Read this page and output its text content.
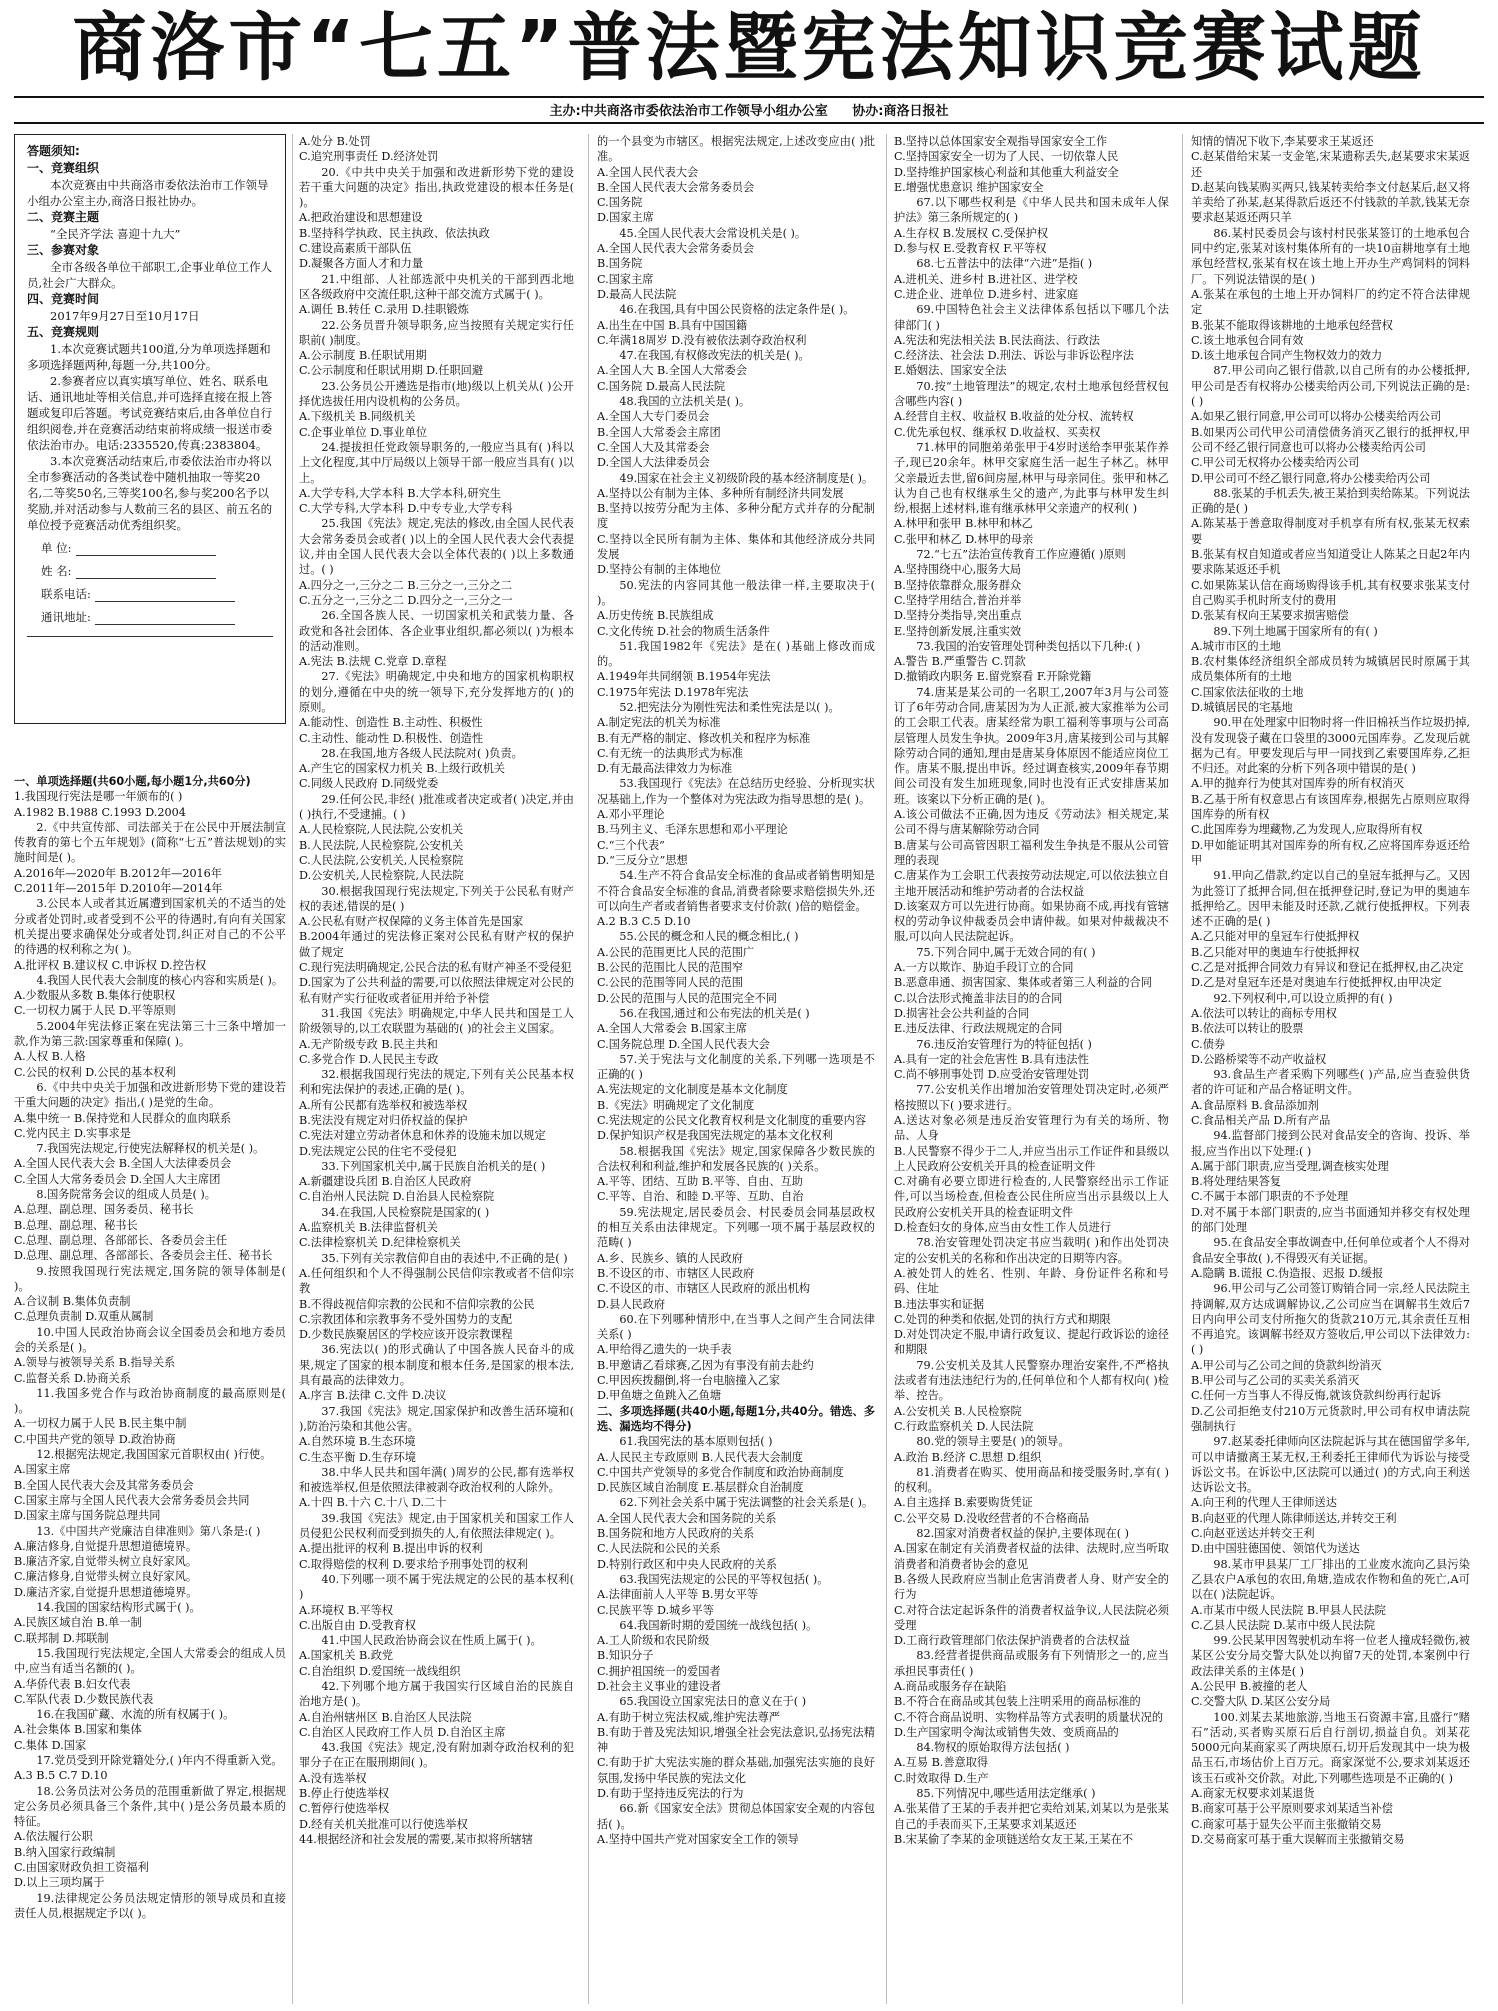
商洛市“七五”普法暨宪法知识竞赛试题
主办:中共商洛市委依法治市工作领导小组办公室 协办:商洛日报社
答题须知:
一、竞赛组织

本次竞赛由中共商洛市委依法治市工作领导小组办公室主办,商洛日报社协办。

二、竞赛主题

“全民齐学法 喜迎十九大”

三、参赛对象

全市各级各单位干部职工,企事业单位工作人员,社会广大群众。

四、竞赛时间

2017年9月27日至10月17日

五、竞赛规则

1.本次竞赛试题共100道,分为单项选择题和多项选择题两种,每题一分,共100分。

2.参赛者应以真实填写单位、姓名、联系电话、通讯地址等相关信息,并可选择直接在报上答题或复印后答题。考试竞赛结束后,由各单位自行组织阅卷,并在竞赛活动结束前将成绩一报送市委依法治市办。电话:2335520,传真:2383804。

3.本次竞赛活动结束后,市委依法治市办将以全市参赛活动的各类试卷中随机抽取一等奖20名,二等奖50名,三等奖100名,参与奖200名予以奖励,并对活动参与人数前三名的县区、前五名的单位授予竞赛活动优秀组织奖。

单 位:
姓 名:
联系电话:
通讯地址:

一、单项选择题(共60小题,每小题1分,共60分)

1.我国现行宪法是哪一年颁布的( )

A.1982 B.1988 C.1993 D.2004

2.《中共宣传部、司法部关于在公民中开展法制宣传教育的第七个五年规划》(简称“七五”普法规划)的实施时间是( )。

A.2016年—2020年 B.2012年—2016年

C.2011年—2015年 D.2010年—2014年

3.公民本人或者其近属遭到国家机关的不适当的处分或者处罚时,或者受到不公平的待遇时,有向有关国家机关提出要求确保处分或者处罚,纠正对自己的不公平的待遇的权利称之为( )。

A.批评权 B.建议权 C.申诉权 D.控告权

4.我国人民代表大会制度的核心内容和实质是( )。

A.少数服从多数 B.集体行使职权

C.一切权力属于人民 D.平等原则

5.2004年宪法修正案在宪法第三十三条中增加一款,作为第三款:国家尊重和保障( )。

A.人权 B.人格

C.公民的权利 D.公民的基本权利

6.《中共中央关于加强和改进新形势下党的建设若干重大问题的决定》指出,( )是党的生命。

A.集中统一 B.保持党和人民群众的血肉联系

C.党内民主 D.实事求是

7.我国宪法规定,行使宪法解释权的机关是( )。

A.全国人民代表大会 B.全国人大法律委员会

C.全国人大常务委员会 D.全国人大主席团

8.国务院常务会议的组成人员是( )。

A.总理、副总理、国务委员、秘书长

B.总理、副总理、秘书长

C.总理、副总理、各部部长、各委员会主任

D.总理、副总理、各部部长、各委员会主任、秘书长

9.按照我国现行宪法规定,国务院的领导体制是( )。

A.合议制 B.集体负责制

C.总理负责制 D.双重从属制

10.中国人民政治协商会议全国委员会和地方委员会的关系是( )。

A.领导与被领导关系 B.指导关系

C.监督关系 D.协商关系

11.我国多党合作与政治协商制度的最高原则是( )。

A.一切权力属于人民 B.民主集中制

C.中国共产党的领导 D.政治协商

12.根据宪法规定,我国国家元首职权由( )行使。

A.国家主席

B.全国人民代表大会及其常务委员会

C.国家主席与全国人民代表大会常务委员会共同

D.国家主席与国务院总理共同

13.《中国共产党廉洁自律准则》第八条是:( )

A.廉洁修身,自觉提升思想道德境界。

B.廉洁齐家,自觉带头树立良好家风。

C.廉洁修身,自觉带头树立良好家风。

D.廉洁齐家,自觉提升思想道德境界。

14.我国的国家结构形式属于( )。

A.民族区域自治 B.单一制

C.联邦制 D.邦联制

15.我国现行宪法规定,全国人大常委会的组成人员中,应当有适当名额的( )。

A.华侨代表 B.妇女代表

C.军队代表 D.少数民族代表

16.在我国矿藏、水流的所有权属于( )。

A.社会集体 B.国家和集体

C.集体 D.国家

17.党员受到开除党籍处分,( )年内不得重新入党。

A.3 B.5 C.7 D.10

18.公务员法对公务员的范围重新做了界定,根据规定公务员必须具备三个条件,其中( )是公务员最本质的特征。

A.依法履行公职

B.纳入国家行政编制

C.由国家财政负担工资福利

D.以上三项均属于

19.法律规定公务员法规定情形的领导成员和直接责任人员,根据规定予以( )。

A.处分 B.处罚

C.追究刑事责任 D.经济处罚

20.《中共中央关于加强和改进新形势下党的建设若干重大问题的决定》指出,执政党建设的根本任务是( )。

A.把政治建设和思想建设

B.坚持科学执政、民主执政、依法执政

C.建设高素质干部队伍

D.凝聚各方面人才和力量

21.中组部、人社部选派中央机关的干部到西北地区各级政府中交流任职,这种干部交流方式属于( )。

A.调任 B.转任 C.录用 D.挂职锻炼

22.公务员晋升领导职务,应当按照有关规定实行任职前( )制度。

A.公示制度 B.任职试用期

C.公示制度和任职试用期 D.任职回避

23.公务员公开遴选是指市(地)级以上机关从( )公开择优选拔任用内设机构的公务员。

A.下级机关 B.同级机关

C.企事业单位 D.事业单位

24.提拔担任党政领导职务的,一般应当具有( )科以上文化程度,其中厅局级以上领导干部一般应当具有( )以上。

A.大学专科,大学本科 B.大学本科,研究生

C.大学专科,大学本科 D.中专专业,大学专科

25.我国《宪法》规定,宪法的修改,由全国人民代表大会常务委员会或者( )以上的全国人民代表大会代表提议,并由全国人民代表大会以全体代表的( )以上多数通过。( )

A.四分之一,三分之二 B.三分之一,三分之二

C.五分之一,三分之二 D.四分之一,三分之一

26.全国各族人民、一切国家机关和武装力量、各政党和各社会团体、各企业事业组织,都必须以( )为根本的活动准则。

A.宪法 B.法规 C.党章 D.章程

27.《宪法》明确规定,中央和地方的国家机构职权的划分,遵循在中央的统一领导下,充分发挥地方的( )的原则。

A.能动性、创造性 B.主动性、积极性

C.主动性、能动性 D.积极性、创造性

28.在我国,地方各级人民法院对( )负责。

A.产生它的国家权力机关 B.上级行政机关

C.同级人民政府 D.同级党委

29.任何公民,非经( )批准或者决定或者( )决定,并由( )执行,不受逮捕。( )

A.人民检察院,人民法院,公安机关

B.人民法院,人民检察院,公安机关

C.人民法院,公安机关,人民检察院

D.公安机关,人民检察院,人民法院

30.根据我国现行宪法规定,下列关于公民私有财产权的表述,错误的是( )

A.公民私有财产权保障的义务主体首先是国家

B.2004年通过的宪法修正案对公民私有财产权的保护做了规定

C.现行宪法明确规定,公民合法的私有财产神圣不受侵犯

D.国家为了公共利益的需要,可以依照法律规定对公民的私有财产实行征收或者征用并给予补偿

31.我国《宪法》明确规定,中华人民共和国是工人阶级领导的,以工农联盟为基础的( )的社会主义国家。

A.无产阶级专政 B.民主共和

C.多党合作 D.人民民主专政

32.根据我国现行宪法的规定,下列有关公民基本权利和宪法保护的表述,正确的是( )。

A.所有公民都有选举权和被选举权

B.宪法没有规定对归侨权益的保护

C.宪法对建立劳动者休息和休养的设施未加以规定

D.宪法规定公民的住宅不受侵犯

33.下列国家机关中,属于民族自治机关的是( )

A.新疆建设兵团 B.自治区人民政府

C.自治州人民法院 D.自治县人民检察院

34.在我国,人民检察院是国家的( )

A.监察机关 B.法律监督机关

C.法律检察机关 D.纪律检察机关

35.下列有关宗教信仰自由的表述中,不正确的是( )

A.任何组织和个人不得强制公民信仰宗教或者不信仰宗教

B.不得歧视信仰宗教的公民和不信仰宗教的公民

C.宗教团体和宗教事务不受外国势力的支配

D.少数民族聚居区的学校应该开设宗教课程

36.宪法以( )的形式确认了中国各族人民奋斗的成果,规定了国家的根本制度和根本任务,是国家的根本法,具有最高的法律效力。

A.序言 B.法律 C.文件 D.决议

37.我国《宪法》规定,国家保护和改善生活环境和( ),防治污染和其他公害。

A.自然环境 B.生态环境

C.生态平衡 D.生存环境

38.中华人民共和国年满( )周岁的公民,都有选举权和被选举权,但是依照法律被剥夺政治权利的人除外。

A.十四 B.十六 C.十八 D.二十

39.我国《宪法》规定,由于国家机关和国家工作人员侵犯公民权利而受到损失的人,有依照法律规定( )。

A.提出批评的权利 B.提出申诉的权利

C.取得赔偿的权利 D.要求给予刑事处罚的权利

40.下列哪一项不属于宪法规定的公民的基本权利( )

A.环境权 B.平等权

C.出版自由 D.受教育权

41.中国人民政治协商会议在性质上属于( )。

A.国家机关 B.政党

C.自治组织 D.爱国统一战线组织

42.下列哪个地方属于我国实行区域自治的民族自治地方是( )。

A.自治州辖州区 B.自治区人民法院

C.自治区人民政府工作人员 D.自治区主席

43.我国《宪法》规定,没有附加剥夺政治权利的犯罪分子在正在服刑期间( )。

A.没有选举权

B.停止行使选举权

C.暂停行使选举权

D.经有关机关批准可以行使选举权

44.根据经济和社会发展的需要,某市拟将所辖辖

的一个县变为市辖区。根据宪法规定,上述改变应由( )批准。

A.全国人民代表大会

B.全国人民代表大会常务委员会

C.国务院

D.国家主席

45.全国人民代表大会常设机关是( )。

A.全国人民代表大会常务委员会

B.国务院

C.国家主席

D.最高人民法院

46.在我国,具有中国公民资格的法定条件是( )。

A.出生在中国 B.具有中国国籍

C.年满18周岁 D.没有被依法剥夺政治权利

47.在我国,有权修改宪法的机关是( )。

A.全国人大 B.全国人大常委会

C.国务院 D.最高人民法院

48.我国的立法机关是( )。

A.全国人大专门委员会

B.全国人大常委会主席团

C.全国人大及其常委会

D.全国人大法律委员会

49.国家在社会主义初级阶段的基本经济制度是( )。

A.坚持以公有制为主体、多种所有制经济共同发展

B.坚持以按劳分配为主体、多种分配方式并存的分配制度

C.坚持以全民所有制为主体、集体和其他经济成分共同发展

D.坚持公有制的主体地位

50.宪法的内容同其他一般法律一样,主要取决于( )。

A.历史传统 B.民族组成

C.文化传统 D.社会的物质生活条件

51.我国1982年《宪法》是在( )基础上修改而成的。

A.1949年共同纲领 B.1954年宪法

C.1975年宪法 D.1978年宪法

52.把宪法分为刚性宪法和柔性宪法是以( )。

A.制定宪法的机关为标准

B.有无严格的制定、修改机关和程序为标准

C.有无统一的法典形式为标准

D.有无最高法律效力为标准

53.我国现行《宪法》在总结历史经验、分析现实状况基础上,作为一个整体对为宪法政为指导思想的是( )。

A.邓小平理论

B.马列主义、毛泽东思想和邓小平理论

C.“三个代表”

D.“三反分立”思想

54.生产不符合食品安全标准的食品或者销售明知是不符合食品安全标准的食品,消费者除要求赔偿损失外,还可以向生产者或者销售者要求支付价款( )倍的赔偿金。

A.2 B.3 C.5 D.10

55.公民的概念和人民的概念相比,( )

A.公民的范围更比人民的范围广

B.公民的范围比人民的范围窄

C.公民的范围等同人民的范围

D.公民的范围与人民的范围完全不同

56.在我国,通过和公布宪法的机关是( )

A.全国人大常委会 B.国家主席

C.国务院总理 D.全国人民代表大会

57.关于宪法与文化制度的关系,下列哪一选项是不正确的( )

A.宪法规定的文化制度是基本文化制度

B.《宪法》明确规定了文化制度

C.宪法规定的公民文化教育权利是文化制度的重要内容

D.保护知识产权是我国宪法规定的基本文化权利

58.根据我国《宪法》规定,国家保障各少数民族的合法权利和利益,维护和发展各民族的( )关系。

A.平等、团结、互助 B.平等、自由、互助

C.平等、自治、和睦 D.平等、互助、自治

59.宪法规定,居民委员会、村民委员会同基层政权的相互关系由法律规定。下列哪一项不属于基层政权的范畴( )

A.乡、民族乡、镇的人民政府

B.不设区的市、市辖区人民政府

C.不设区的市、市辖区人民政府的派出机构

D.县人民政府

60.在下列哪种情形中,在当事人之间产生合同法律关系( )

A.甲给得乙遗失的一块手表

B.甲邀请乙看球赛,乙因为有事没有前去赴约

C.甲因疾拨翻倒,将一台电脑撞入乙家

D.甲鱼塘之鱼跳入乙鱼塘

二、多项选择题(共40小题,每题1分,共40分。错选、多选、漏选均不得分)

61.我国宪法的基本原则包括( )

A.人民民主专政原则 B.人民代表大会制度

C.中国共产党领导的多党合作制度和政治协商制度

D.民族区域自治制度 E.基层群众自治制度

62.下列社会关系中属于宪法调整的社会关系是( )。

A.全国人民代表大会和国务院的关系

B.国务院和地方人民政府的关系

C.人民法院和公民的关系

D.特别行政区和中央人民政府的关系

63.我国宪法规定的公民的平等权包括( )。

A.法律面前人人平等 B.男女平等

C.民族平等 D.城乡平等

64.我国新时期的爱国统一战线包括( )。

A.工人阶级和农民阶级

B.知识分子

C.拥护祖国统一的爱国者

D.社会主义事业的建设者

65.我国设立国家宪法日的意义在于( )

A.有助于树立宪法权威,维护宪法尊严

B.有助于普及宪法知识,增强全社会宪法意识,弘扬宪法精神

C.有助于扩大宪法实施的群众基础,加强宪法实施的良好氛围,发扬中华民族的宪法文化

D.有助于坚持违反宪法的行为

66.新《国家安全法》贯彻总体国家安全观的内容包括( )。

A.坚持中国共产党对国家安全工作的领导

B.坚持以总体国家安全观指导国家安全工作

C.坚持国家安全一切为了人民、一切依靠人民

D.坚持维护国家核心利益和其他重大利益安全

E.增强忧患意识 维护国家安全

67.以下哪些权利是《中华人民共和国未成年人保护法》第三条所规定的( )

A.生存权 B.发展权 C.受保护权

D.参与权 E.受教育权 F.平等权

68.七五普法中的法律“六进”是指( )

A.进机关、进乡村 B.进社区、进学校

C.进企业、进单位 D.进乡村、进家庭

69.中国特色社会主义法律体系包括以下哪几个法律部门( )

A.宪法和宪法相关法 B.民法商法、行政法

C.经济法、社会法 D.刑法、诉讼与非诉讼程序法

E.婚姻法、国家安全法

70.按“土地管理法”的规定,农村土地承包经营权包含哪些内容( )

A.经营自主权、收益权 B.收益的处分权、流转权

C.优先承包权、继承权 D.收益权、买卖权

71.林甲的同胞弟弟张甲于4岁时送给李甲张某作养子,现已20余年。林甲交家庭生活一起生子林乙。林甲父亲最近去世,留6间房屋,林甲与母亲同住。张甲和林乙认为自己也有权继承生父的遗产,为此事与林甲发生纠纷,根据上述材料,谁有继承林甲父亲遗产的权利( )

A.林甲和张甲 B.林甲和林乙

C.张甲和林乙 D.林甲的母亲

72.“七五”法治宣传教育工作应遵循( )原则

A.坚持围绕中心,服务大局

B.坚持依靠群众,服务群众

C.坚持学用结合,普治并举

D.坚持分类指导,突出重点

E.坚持创新发展,注重实效

73.我国的治安管理处罚种类包括以下几种:( )

A.警告 B.严重警告 C.罚款

D.撤销政内职务 E.留党察看 F.开除党籍

74.唐某是某公司的一名职工,2007年3月与公司签订了6年劳动合同,唐某因为为人正派,被大家推举为公司的工会职工代表。唐某经常为职工福利等事项与公司高层管理人员发生争执。2009年3月,唐某接到公司与其解除劳动合同的通知,理由是唐某身体原因不能适应岗位工作。唐某不服,提出申诉。经过调查核实,2009年春节期间公司没有发生加班现象,同时也没有正式安排唐某加班。该案以下分析正确的是( )。

A.该公司做法不正确,因为违反《劳动法》相关规定,某公司不得与唐某解除劳动合同

B.唐某与公司高管因职工福利发生争执是不服从公司管理的表现

C.唐某作为工会职工代表按劳动法规定,可以依法独立自主地开展活动和维护劳动者的合法权益

D.该案双方可以先进行协商。如果协商不成,再找有管辖权的劳动争议仲裁委员会申请仲裁。如果对仲裁裁决不服,可以向人民法院起诉。

75.下列合同中,属于无效合同的有( )

A.一方以欺诈、胁迫手段订立的合同

B.恶意串通、损害国家、集体或者第三人利益的合同

C.以合法形式掩盖非法目的的合同

D.损害社会公共利益的合同

E.违反法律、行政法规规定的合同

76.违反治安管理行为的特征包括( )

A.具有一定的社会危害性 B.具有违法性

C.尚不够刑事处罚 D.应受治安管理处罚

77.公安机关作出增加治安管理处罚决定时,必须严格按照以下( )要求进行。

A.送达对象必须是违反治安管理行为有关的场所、物品、人身

B.人民警察不得少于二人,并应当出示工作证件和县级以上人民政府公安机关开具的检查证明文件

C.对确有必要立即进行检查的,人民警察经出示工作证件,可以当场检查,但检查公民住所应当出示县级以上人民政府公安机关开具的检查证明文件

D.检查妇女的身体,应当由女性工作人员进行

78.治安管理处罚决定书应当载明( )和作出处罚决定的公安机关的名称和作出决定的日期等内容。

A.被处罚人的姓名、性别、年龄、身份证件名称和号码、住址

B.违法事实和证据

C.处罚的种类和依据,处罚的执行方式和期限

D.对处罚决定不服,申请行政复议、提起行政诉讼的途径和期限

79.公安机关及其人民警察办理治安案件,不严格执法或者有违法违纪行为的,任何单位和个人都有权向( )检举、控告。

A.公安机关 B.人民检察院

C.行政监察机关 D.人民法院

80.党的领导主要是( )的领导。

A.政治 B.经济 C.思想 D.组织

81.消费者在购买、使用商品和接受服务时,享有( )的权利。

A.自主选择 B.索要购货凭证

C.公平交易 D.没收经营者的不合格商品

82.国家对消费者权益的保护,主要体现在( )

A.国家在制定有关消费者权益的法律、法规时,应当听取消费者和消费者协会的意见

B.各级人民政府应当制止危害消费者人身、财产安全的行为

C.对符合法定起诉条件的消费者权益争议,人民法院必须受理

D.工商行政管理部门依法保护消费者的合法权益

83.经营者提供商品或服务有下列情形之一的,应当承担民事责任( )

A.商品或服务存在缺陷

B.不符合在商品或其包装上注明采用的商品标准的

C.不符合商品说明、实物样品等方式表明的质量状况的

D.生产国家明令淘汰或销售失效、变质商品的

84.物权的原始取得方法包括( )

A.互易 B.善意取得

C.时效取得 D.生产

85.下列情况中,哪些适用法定继承( )

A.张某借了王某的手表并把它卖给刘某,刘某以为是张某自己的手表而买下,王某要求刘某返还

B.宋某偷了李某的金项链送给女友王某,王某在不

知情的情况下收下,李某要求王某返还

C.赵某借给宋某一支金笔,宋某遗称丢失,赵某要求宋某返还

D.赵某向钱某购买两只,钱某转卖给李文付赵某后,赵又将羊卖给了孙某,赵某得款后返还不付钱款的羊款,钱某无奈要求赵某返还两只羊

86.某村民委员会与该村村民张某签订的土地承包合同中约定,张某对该村集体所有的一块10亩耕地享有土地承包经营权,张某有权在该土地上开办生产鸡饲料的饲料厂。下列说法错误的是( )

A.张某在承包的土地上开办饲料厂的约定不符合法律规定

B.张某不能取得该耕地的土地承包经营权

C.该土地承包合同有效

D.该土地承包合同产生物权效力的效力

87.甲公司向乙银行借款,以自己所有的办公楼抵押,甲公司是否有权将办公楼卖给丙公司,下列说法正确的是:( )

A.如果乙银行同意,甲公司可以将办公楼卖给丙公司

B.如果丙公司代甲公司清偿债务消灭乙银行的抵押权,甲公司不经乙银行同意也可以将办公楼卖给丙公司

C.甲公司无权将办公楼卖给丙公司

D.甲公司可不经乙银行同意,将办公楼卖给丙公司

88.张某的手机丢失,被王某拾到卖给陈某。下列说法正确的是( )

A.陈某基于善意取得制度对手机享有所有权,张某无权索要

B.张某有权自知道或者应当知道受让人陈某之日起2年内要求陈某返还手机

C.如果陈某认信在商场购得该手机,其有权要求张某支付自己购买手机时所支付的费用

D.张某有权向王某要求损害赔偿

89.下列土地属于国家所有的有( )

A.城市市区的土地

B.农村集体经济组织全部成员转为城镇居民时原属于其成员集体所有的土地

C.国家依法征收的土地

D.城镇居民的宅基地

90.甲在处理家中旧物时将一件旧棉袄当作垃圾扔掉,没有发现袋子藏在口袋里的3000元国库券。乙发现后就据为己有。甲要发现后与甲一同找到乙索要国库券,乙拒不归还。对此案的分析下列各项中错误的是( )

A.甲的抛弃行为使其对国库券的所有权消灭

B.乙基于所有权意思占有该国库券,根据先占原则应取得国库券的所有权

C.此国库券为埋藏物,乙为发现人,应取得所有权

D.甲如能证明其对国库券的所有权,乙应将国库券返还给甲

91.甲向乙借款,约定以自己的皇冠车抵押与乙。又因为此签订了抵押合同,但在抵押登记时,登记为甲的奥迪车抵押给乙。因甲未能及时还款,乙就行使抵押权。下列表述不正确的是( )

A.乙只能对甲的皇冠车行使抵押权

B.乙只能对甲的奥迪车行使抵押权

C.乙是对抵押合同效力有异议和登记在抵押权,由乙决定

D.乙是对皇冠车还是对奥迪车行使抵押权,由甲决定

92.下列权利中,可以设立质押的有( )

A.依法可以转让的商标专用权

B.依法可以转让的股票

C.债券

D.公路桥梁等不动产收益权

93.食品生产者采购下列哪些( )产品,应当查验供货者的许可证和产品合格证明文件。

A.食品原料 B.食品添加剂

C.食品相关产品 D.所有产品

94.监督部门接到公民对食品安全的咨询、投诉、举报,应当作出以下处理:( )

A.属于部门职责,应当受理,调查核实处理

B.将处理结果答复

C.不属于本部门职责的不予处理

D.对不属于本部门职责的,应当书面通知并移交有权处理的部门处理

95.在食品安全事故调查中,任何单位或者个人不得对食品安全事故( ),不得毁灭有关证据。

A.隐瞒 B.谎报 C.伪造报、迟报 D.缓报

96.甲公司与乙公司签订购销合同一宗,经人民法院主持调解,双方达成调解协议,乙公司应当在调解书生效后7日内向甲公司支付所拖欠的货款210万元,其余责任互相不再追究。该调解书经双方签收后,甲公司以下法律效力:( )

A.甲公司与乙公司之间的贷款纠纷消灭

B.甲公司与乙公司的买卖关系消灭

C.任何一方当事人不得反悔,就该贷款纠纷再行起诉

D.乙公司拒绝支付210万元货款时,甲公司有权申请法院强制执行

97.赵某委托律师向区法院起诉与其在德国留学多年,可以申请撤离王某无权,王利委托王律师代为诉讼与接受诉讼文书。在诉讼中,区法院可以通过( )的方式,向王利送达诉讼文书。

A.向王利的代理人王律师送达

B.向赵亚的代理人陈律师送达,并转交王利

C.向赵亚送达并转交王利

D.由中国驻德国使、领馆代为送达

98.某市甲县某厂工厂排出的工业废水流向乙县污染乙县农户A承包的农田,角塘,造成农作物和鱼的死亡,A可以在( )法院起诉。

A.市某市中级人民法院 B.甲县人民法院

C.乙县人民法院 D.某市中级人民法院

99.公民某甲因驾驶机动车将一位老人撞成轻微伤,被某区公安分局交警大队处以拘留7天的处罚,本案例中行政法律关系的主体是( )

A.公民甲 B.被撞的老人

C.交警大队 D.某区公安分局

100.刘某去某地旅游,当地玉石资源丰富,且盛行“赌石”活动,买者购买原石后自行剖切,损益自负。刘某花5000元向某商家买了两块原石,切开后发现其中一块为极品玉石,市场估价上百万元。商家深觉不公,要求刘某返还该玉石或补交价款。对此,下列哪些选项是不正确的( )

A.商家无权要求刘某退货

B.商家可基于公平原则要求刘某适当补偿

C.商家可基于显失公平而主张撤销交易

D.交易商家可基于重大误解而主张撤销交易
